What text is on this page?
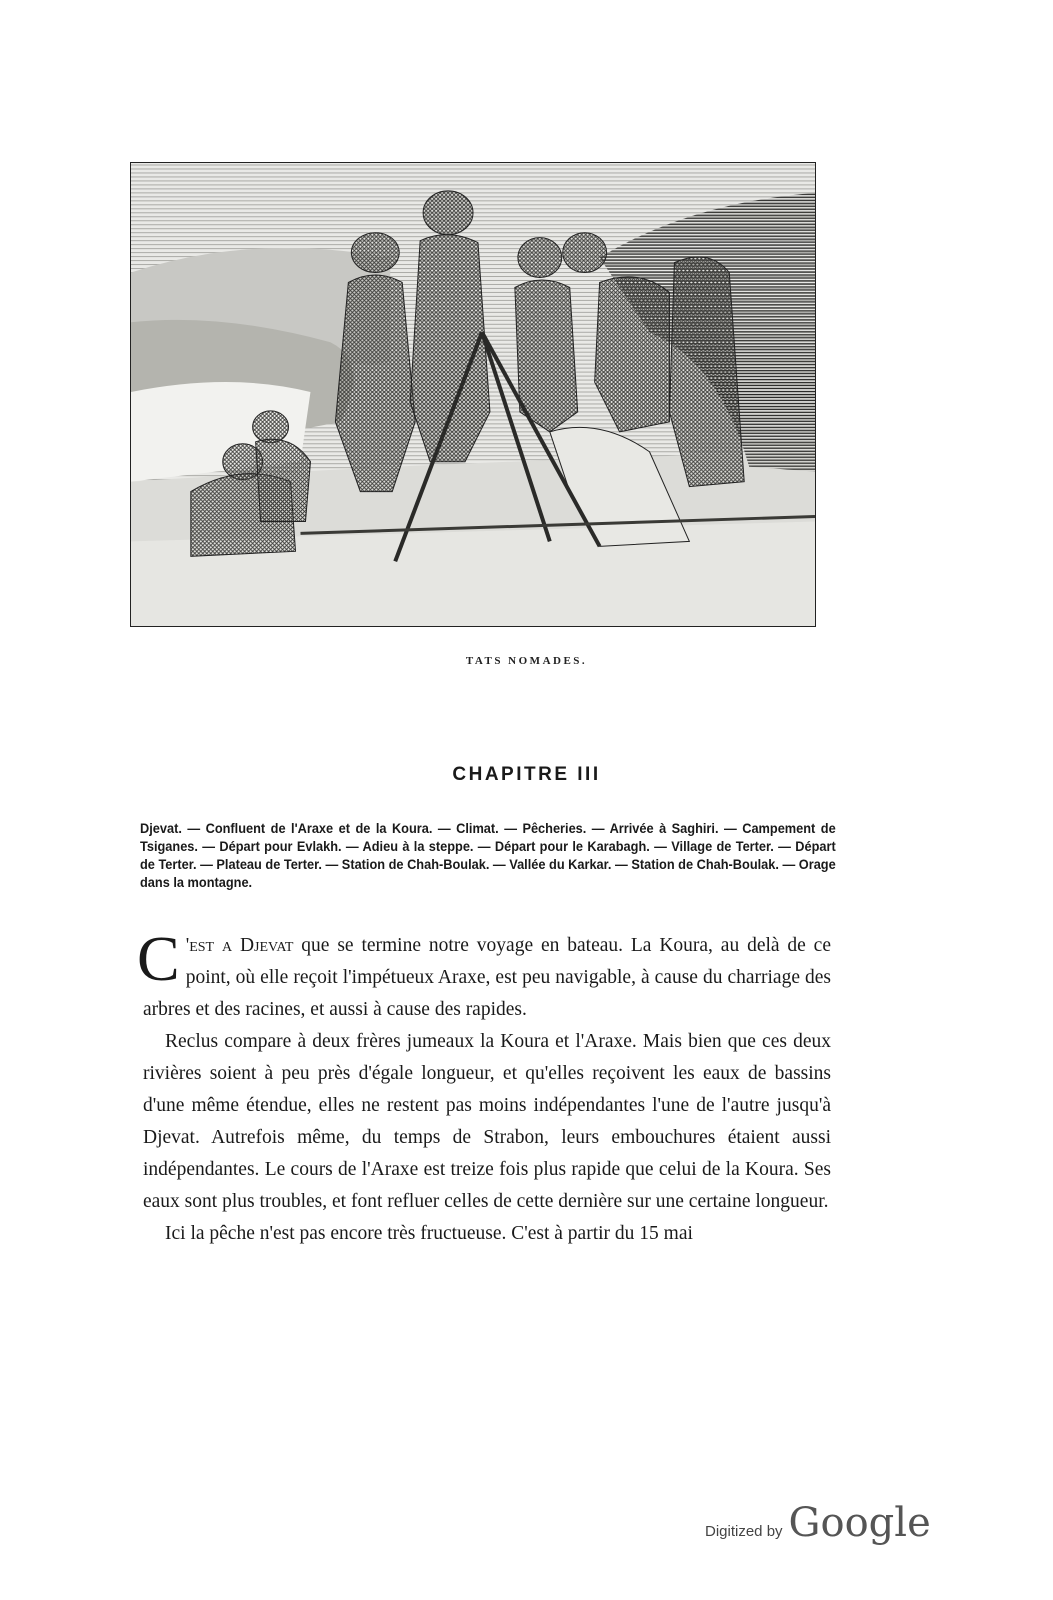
TATS NOMADES.
CHAPITRE III
Djevat. — Confluent de l'Araxe et de la Koura. — Climat. — Pêcheries. — Arrivée à Saghiri. — Campement de Tsiganes. — Départ pour Evlakh. — Adieu à la steppe. — Départ pour le Karabagh. — Village de Terter. — Départ de Terter. — Plateau de Terter. — Station de Chah-Boulak. — Vallée du Karkar. — Station de Chah-Boulak. — Orage dans la montagne.

C 'est a Djevat que se termine notre voyage en bateau. La Koura, au delà de ce point, où elle reçoit l'impétueux Araxe, est peu navigable, à cause du charriage des arbres et des racines, et aussi à cause des rapides.

Reclus compare à deux frères jumeaux la Koura et l'Araxe. Mais bien que ces deux rivières soient à peu près d'égale longueur, et qu'elles reçoivent les eaux de bassins d'une même étendue, elles ne restent pas moins indépendantes l'une de l'autre jusqu'à Djevat. Autrefois même, du temps de Strabon, leurs embouchures étaient aussi indépendantes. Le cours de l'Araxe est treize fois plus rapide que celui de la Koura. Ses eaux sont plus troubles, et font refluer celles de cette dernière sur une certaine longueur.

Ici la pêche n'est pas encore très fructueuse. C'est à partir du 15 mai

Digitized by Google
